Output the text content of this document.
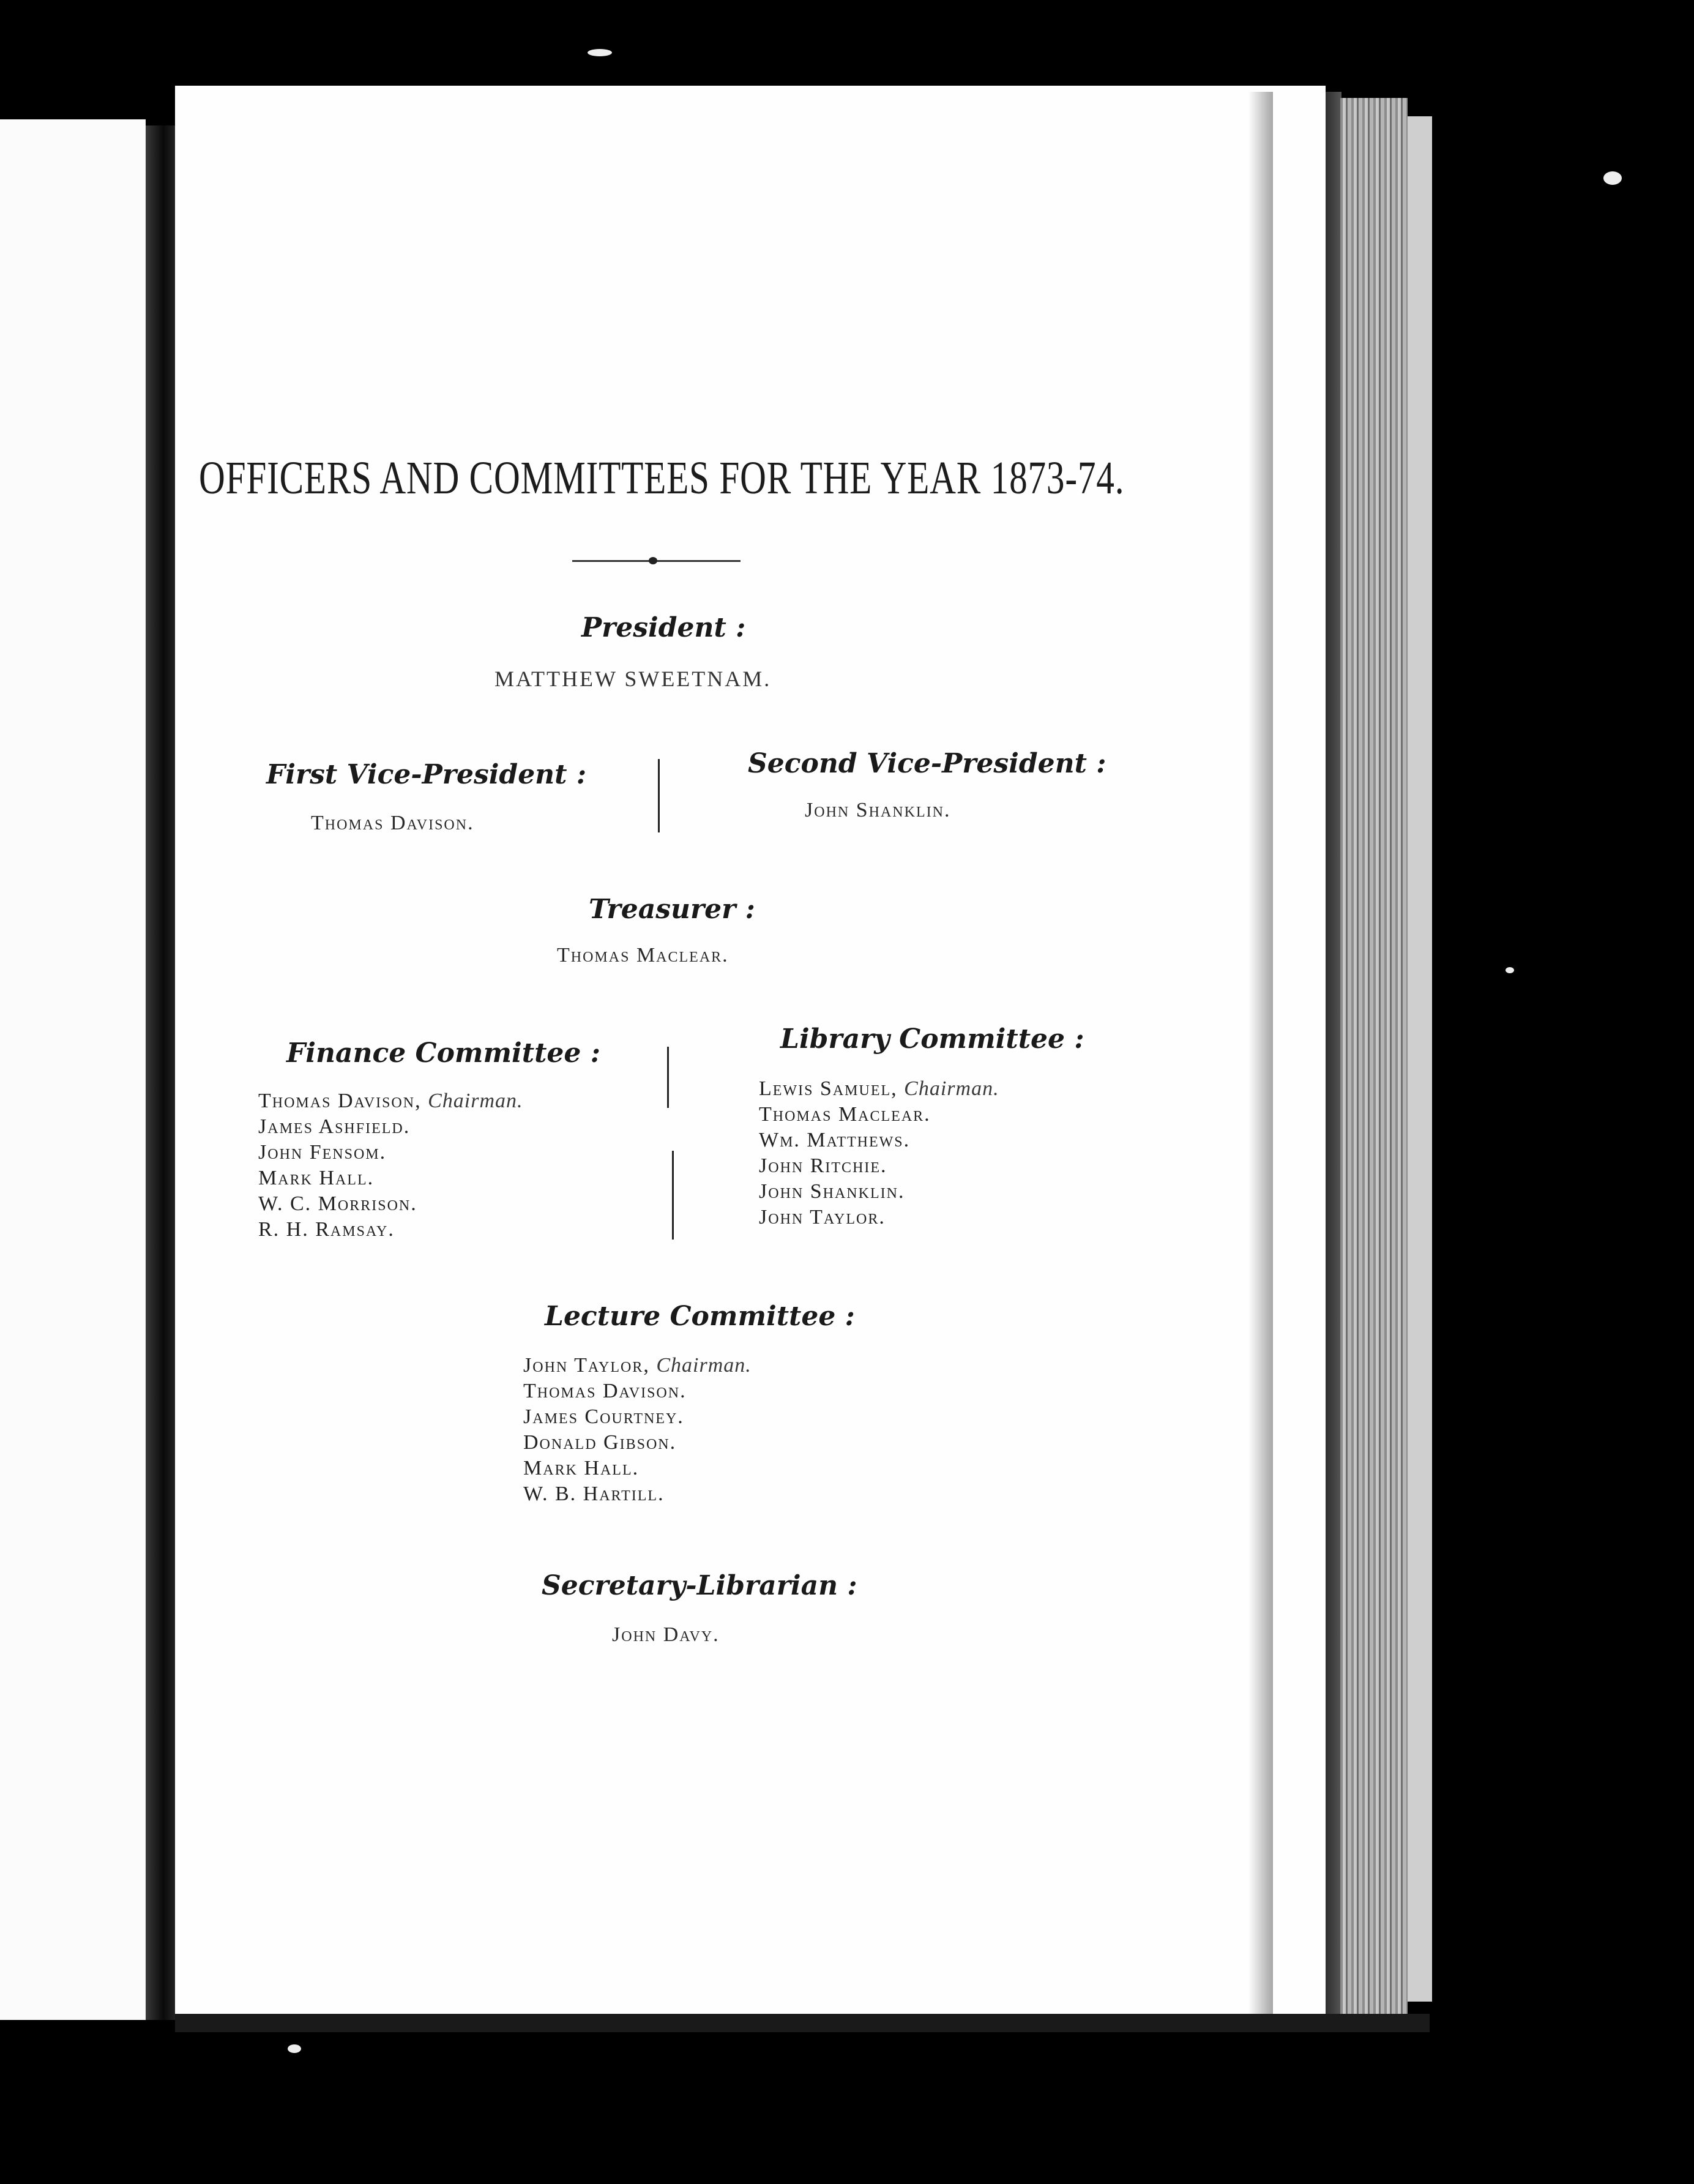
OFFICERS AND COMMITTEES FOR THE YEAR 1873-74.
President :
MATTHEW SWEETNAM.
First Vice-President :
Thomas Davison.
Second Vice-President :
John Shanklin.
Treasurer :
Thomas Maclear.
Finance Committee :
Thomas Davison, Chairman.
James Ashfield.
John Fensom.
Mark Hall.
W. C. Morrison.
R. H. Ramsay.
Library Committee :
Lewis Samuel, Chairman.
Thomas Maclear.
Wm. Matthews.
John Ritchie.
John Shanklin.
John Taylor.
Lecture Committee :
John Taylor, Chairman.
Thomas Davison.
James Courtney.
Donald Gibson.
Mark Hall.
W. B. Hartill.
Secretary-Librarian :
John Davy.
